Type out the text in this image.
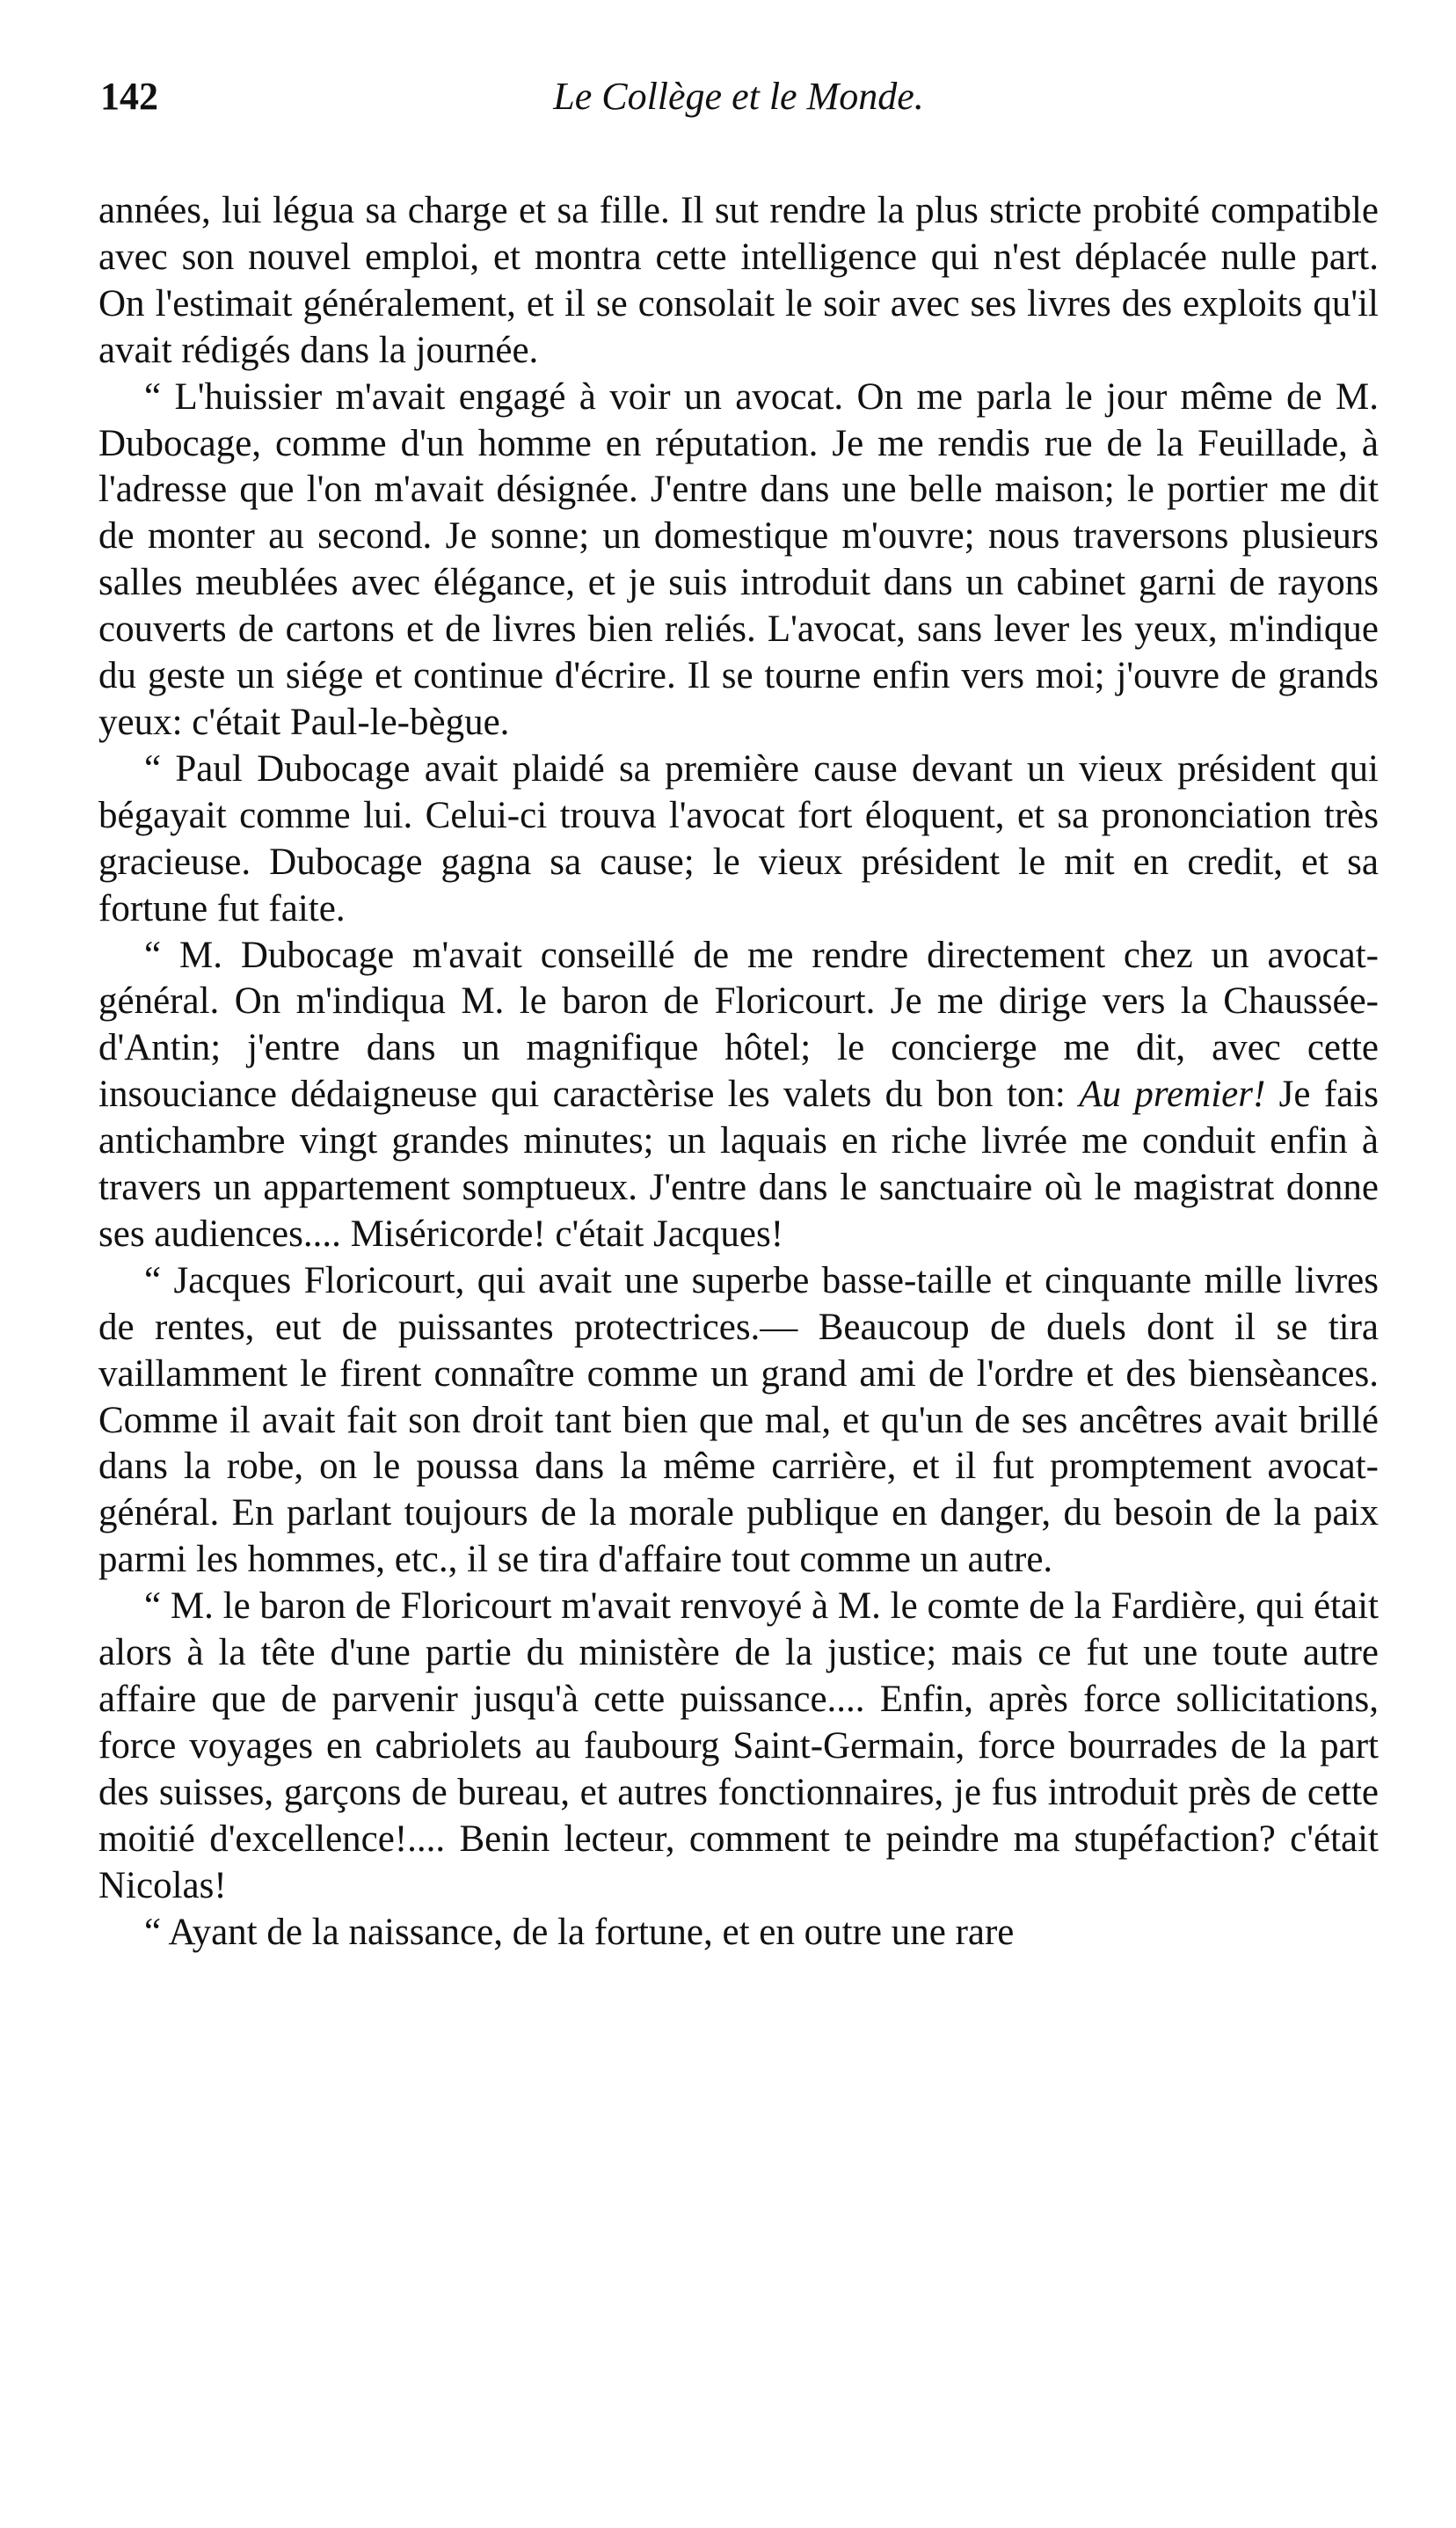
142	Le Collège et le Monde.

années, lui légua sa charge et sa fille. Il sut rendre la plus stricte probité compatible avec son nouvel emploi, et montra cette intelligence qui n'est déplacée nulle part. On l'estimait généralement, et il se consolait le soir avec ses livres des exploits qu'il avait rédigés dans la journée.

“ L'huissier m'avait engagé à voir un avocat. On me parla le jour même de M. Dubocage, comme d'un homme en réputation. Je me rendis rue de la Feuillade, à l'adresse que l'on m'avait désignée. J'entre dans une belle maison; le portier me dit de monter au second. Je sonne; un domestique m'ouvre; nous traversons plusieurs salles meublées avec élégance, et je suis introduit dans un cabinet garni de rayons couverts de cartons et de livres bien reliés. L'avocat, sans lever les yeux, m'indique du geste un siége et continue d'écrire. Il se tourne enfin vers moi; j'ouvre de grands yeux: c'était Paul-le-bègue.

“ Paul Dubocage avait plaidé sa première cause devant un vieux président qui bégayait comme lui. Celui-ci trouva l'avocat fort éloquent, et sa prononciation très gracieuse. Dubocage gagna sa cause; le vieux président le mit en credit, et sa fortune fut faite.

“ M. Dubocage m'avait conseillé de me rendre directement chez un avocat-général. On m'indiqua M. le baron de Floricourt. Je me dirige vers la Chaussée-d'Antin; j'entre dans un magnifique hôtel; le concierge me dit, avec cette insouciance dédaigneuse qui caractèrise les valets du bon ton: Au premier! Je fais antichambre vingt grandes minutes; un laquais en riche livrée me conduit enfin à travers un appartement somptueux. J'entre dans le sanctuaire où le magistrat donne ses audiences.... Miséricorde! c'était Jacques!

“ Jacques Floricourt, qui avait une superbe basse-taille et cinquante mille livres de rentes, eut de puissantes protectrices.— Beaucoup de duels dont il se tira vaillamment le firent connaître comme un grand ami de l'ordre et des biensèances. Comme il avait fait son droit tant bien que mal, et qu'un de ses ancêtres avait brillé dans la robe, on le poussa dans la même carrière, et il fut promptement avocat-général. En parlant toujours de la morale publique en danger, du besoin de la paix parmi les hommes, etc., il se tira d'affaire tout comme un autre.

“ M. le baron de Floricourt m'avait renvoyé à M. le comte de la Fardière, qui était alors à la tête d'une partie du ministère de la justice; mais ce fut une toute autre affaire que de parvenir jusqu'à cette puissance.... Enfin, après force sollicitations, force voyages en cabriolets au faubourg Saint-Germain, force bourrades de la part des suisses, garçons de bureau, et autres fonctionnaires, je fus introduit près de cette moitié d'excellence!.... Benin lecteur, comment te peindre ma stupéfaction? c'était Nicolas!

“ Ayant de la naissance, de la fortune, et en outre une rare
